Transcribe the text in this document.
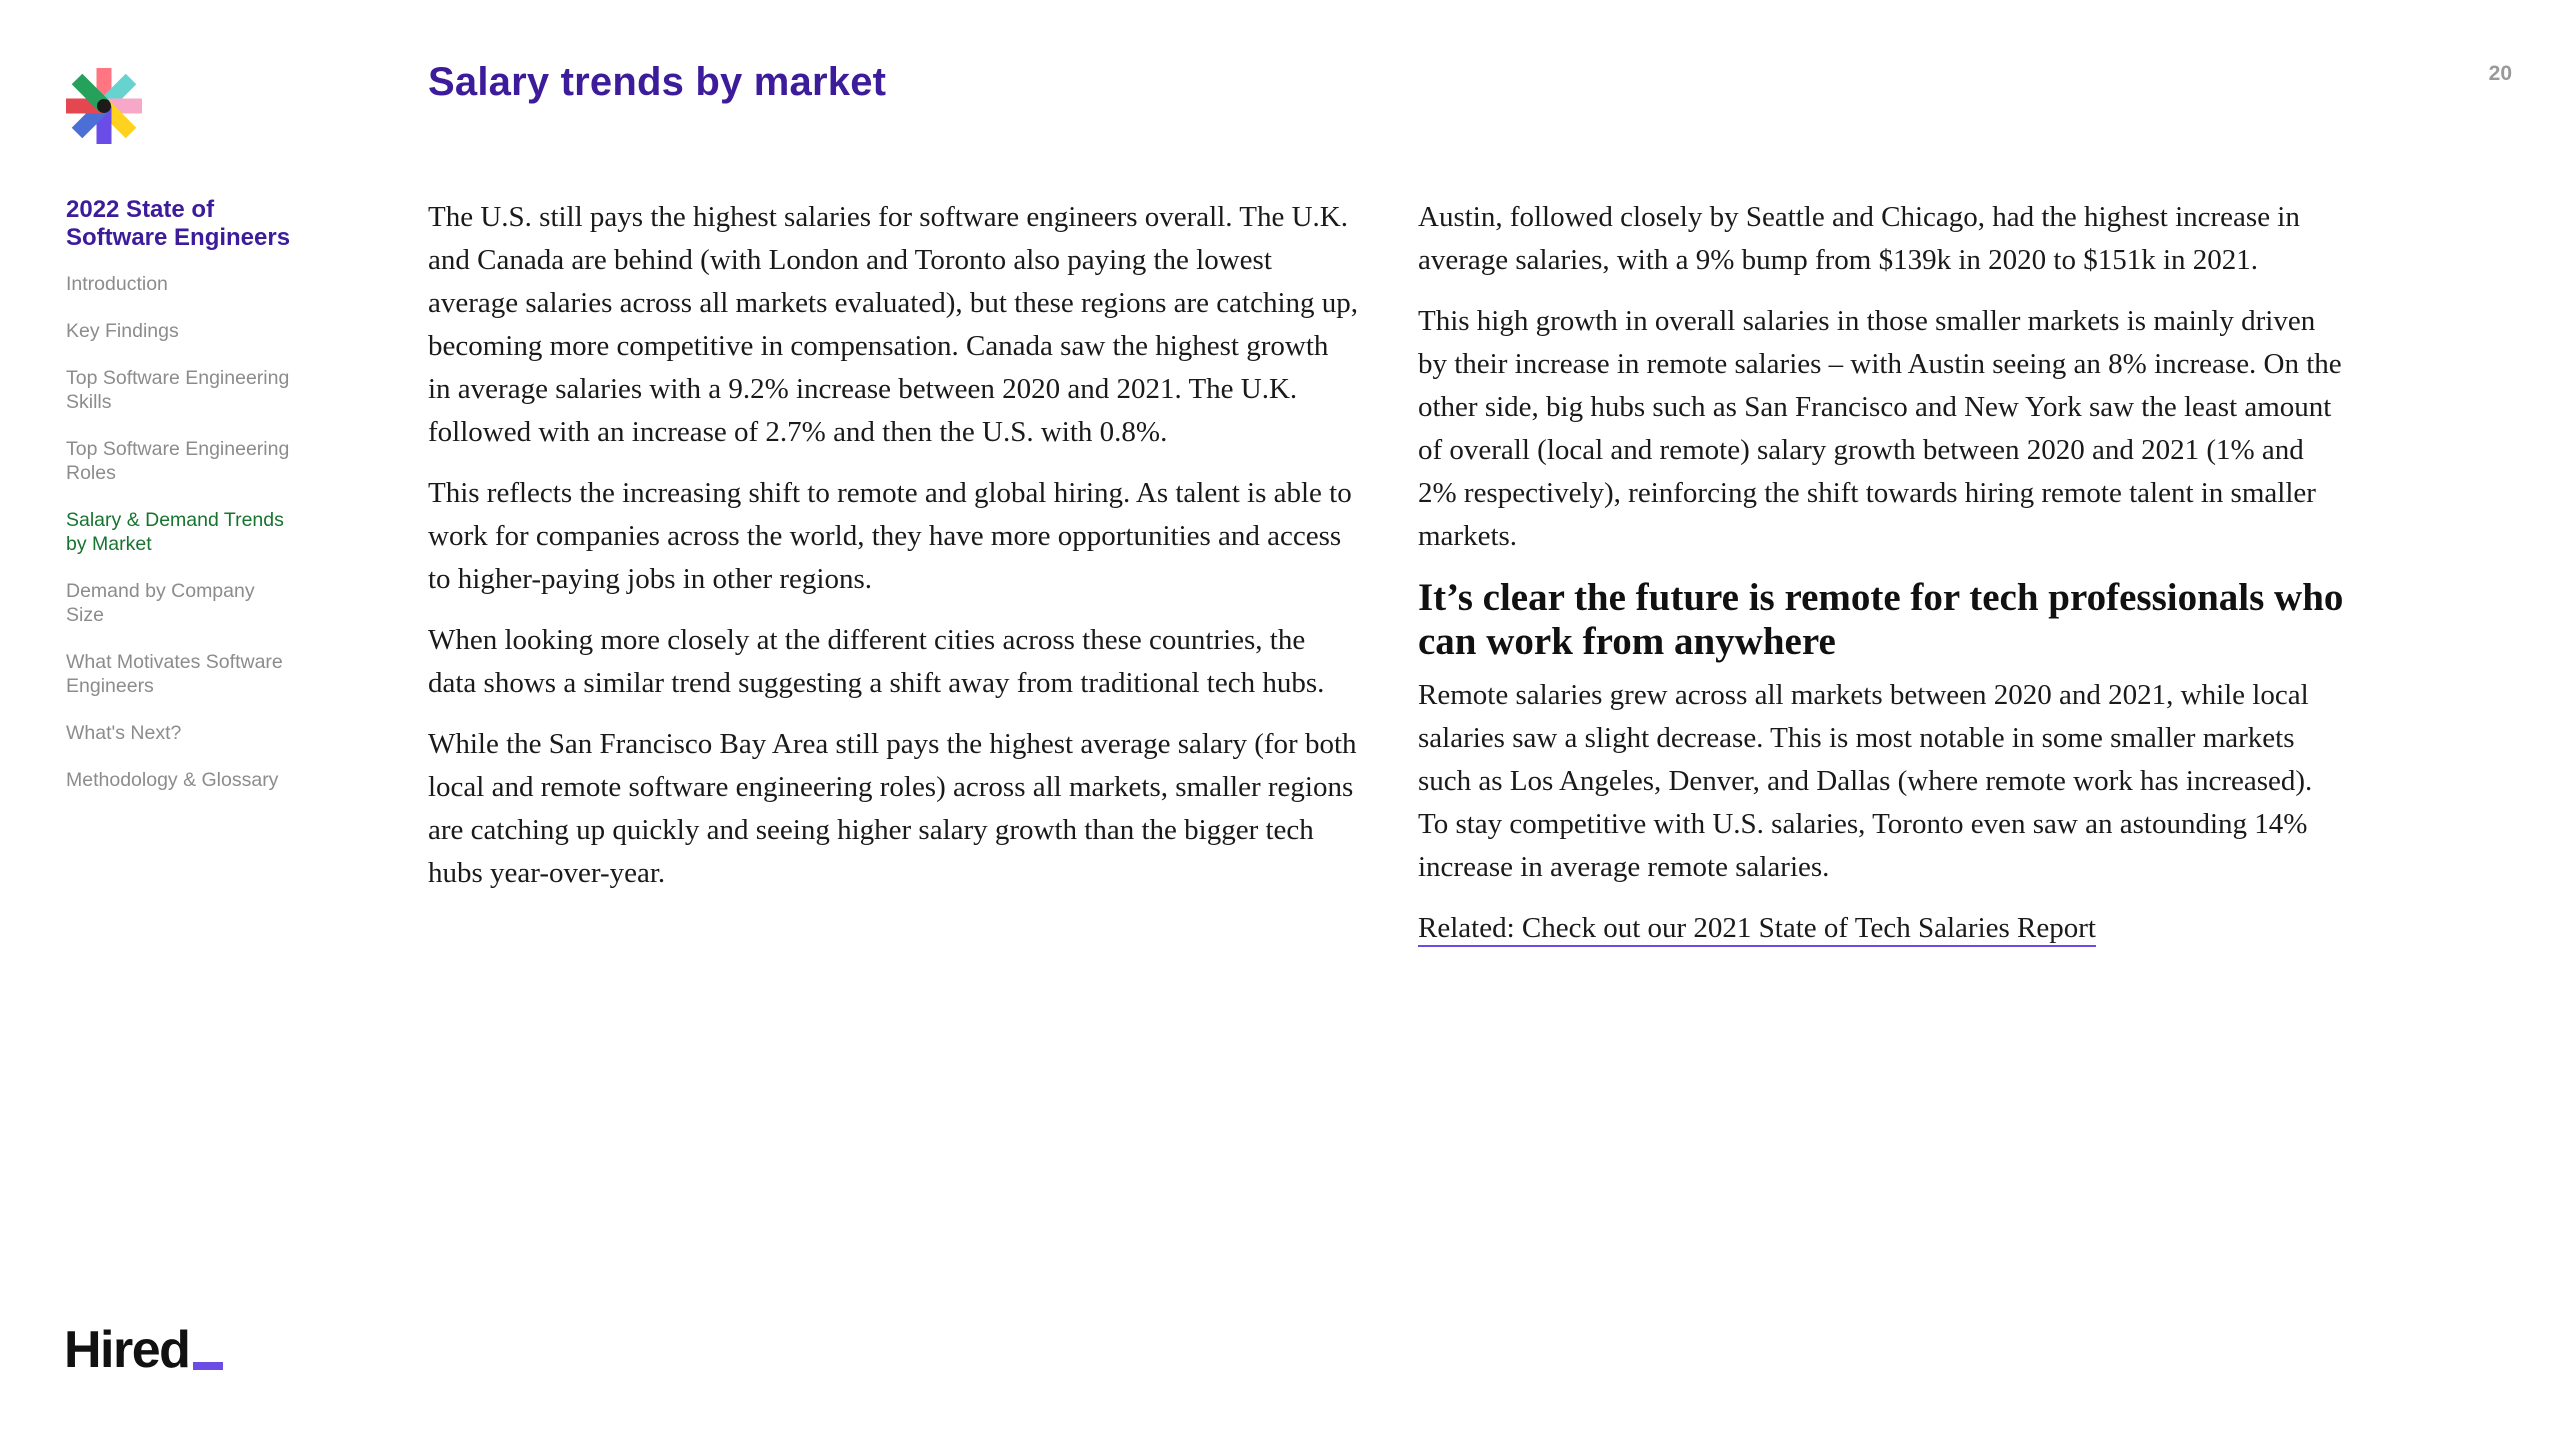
2022 State of Software Engineers
Introduction
Key Findings
Top Software Engineering Skills
Top Software Engineering Roles
Salary & Demand Trends by Market
Demand by Company Size
What Motivates Software Engineers
What's Next?
Methodology & Glossary
Salary trends by market	20

The U.S. still pays the highest salaries for software engineers overall. The U.K. and Canada are behind (with London and Toronto also paying the lowest average salaries across all markets evaluated), but these regions are catching up, becoming more competitive in compensation. Canada saw the highest growth in average salaries with a 9.2% increase between 2020 and 2021. The U.K. followed with an increase of 2.7% and then the U.S. with 0.8%.

This reflects the increasing shift to remote and global hiring. As talent is able to work for companies across the world, they have more opportunities and access to higher-paying jobs in other regions.

When looking more closely at the different cities across these countries, the data shows a similar trend suggesting a shift away from traditional tech hubs.

While the San Francisco Bay Area still pays the highest average salary (for both local and remote software engineering roles) across all markets, smaller regions are catching up quickly and seeing higher salary growth than the bigger tech hubs year-over-year.

Austin, followed closely by Seattle and Chicago, had the highest increase in average salaries, with a 9% bump from $139k in 2020 to $151k in 2021.

This high growth in overall salaries in those smaller markets is mainly driven by their increase in remote salaries – with Austin seeing an 8% increase. On the other side, big hubs such as San Francisco and New York saw the least amount of overall (local and remote) salary growth between 2020 and 2021 (1% and 2% respectively), reinforcing the shift towards hiring remote talent in smaller markets.

It’s clear the future is remote for tech professionals who can work from anywhere

Remote salaries grew across all markets between 2020 and 2021, while local salaries saw a slight decrease. This is most notable in some smaller markets such as Los Angeles, Denver, and Dallas (where remote work has increased). To stay competitive with U.S. salaries, Toronto even saw an astounding 14% increase in average remote salaries.

Related: Check out our 2021 State of Tech Salaries Report

Hired
